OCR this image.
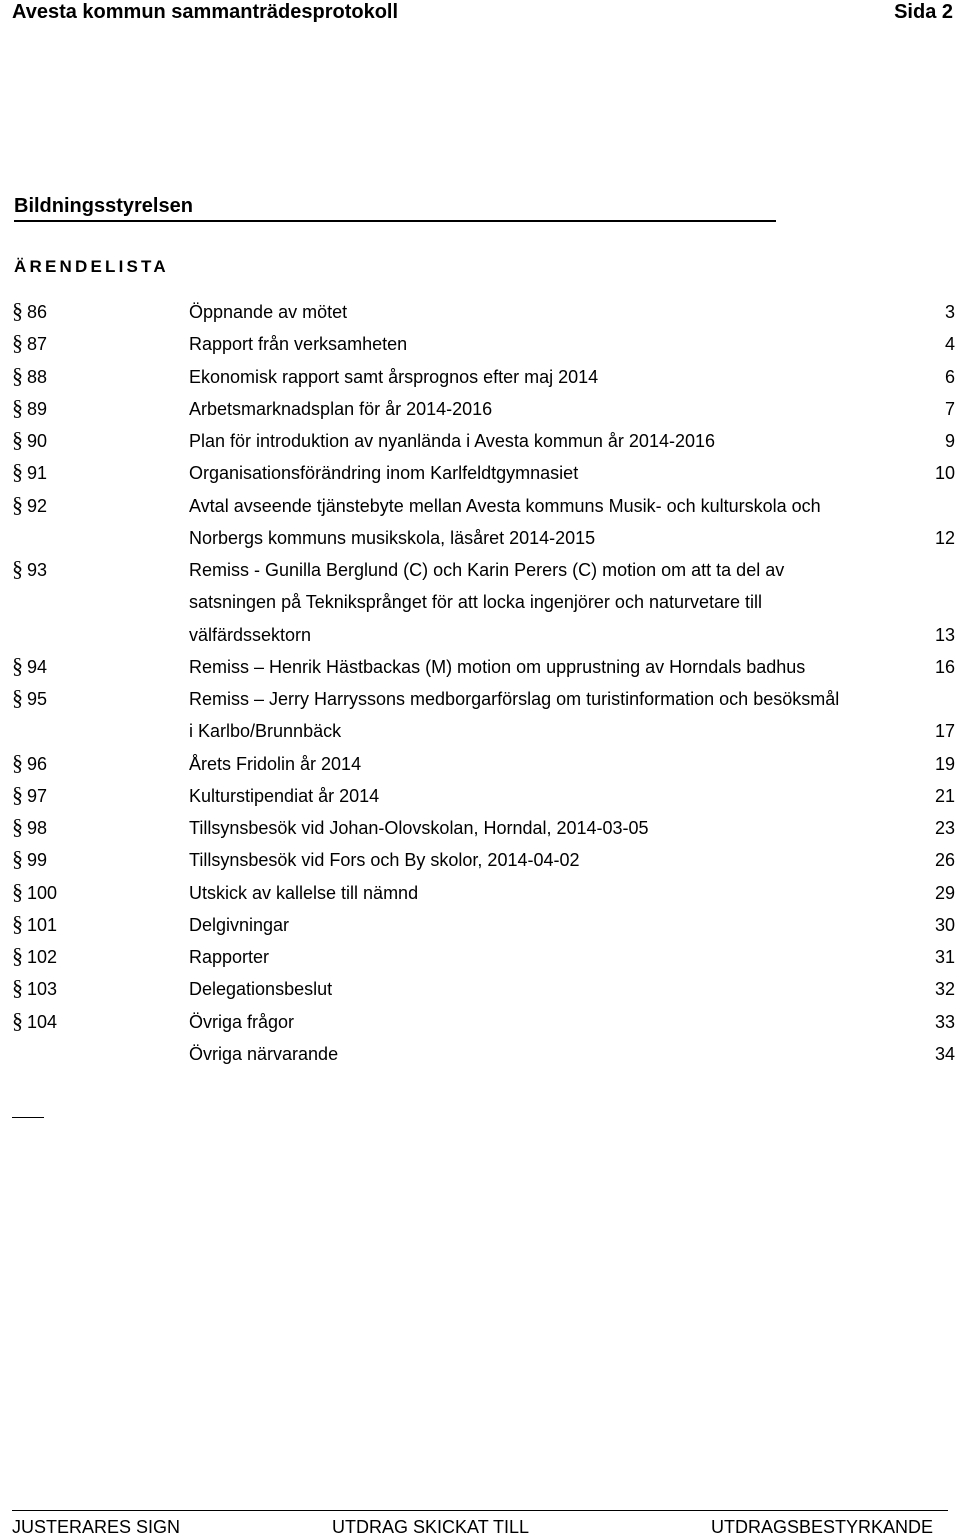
Avesta kommun sammanträdesprotokoll	Sida 2
Bildningsstyrelsen
ÄRENDELISTA
§ 86	Öppnande av mötet	3
§ 87	Rapport från verksamheten	4
§ 88	Ekonomisk rapport samt årsprognos efter maj 2014	6
§ 89	Arbetsmarknadsplan för år 2014-2016	7
§ 90	Plan för introduktion av nyanlända i Avesta kommun år 2014-2016	9
§ 91	Organisationsförändring inom Karlfeldtgymnasiet	10
§ 92	Avtal avseende tjänstebyte mellan Avesta kommuns Musik- och kulturskola och
Norbergs kommuns musikskola, läsåret 2014-2015	12
§ 93	Remiss - Gunilla Berglund (C) och Karin Perers (C) motion om att ta del av
satsningen på Tekniksprånget för att locka ingenjörer och naturvetare till
välfärdssektorn	13
§ 94	Remiss – Henrik Hästbackas (M) motion om upprustning av Horndals badhus	16
§ 95	Remiss – Jerry Harryssons medborgarförslag om turistinformation och besöksmål
i Karlbo/Brunnbäck	17
§ 96	Årets Fridolin år 2014	19
§ 97	Kulturstipendiat år 2014	21
§ 98	Tillsynsbesök vid Johan-Olovskolan, Horndal, 2014-03-05	23
§ 99	Tillsynsbesök vid Fors och By skolor, 2014-04-02	26
§ 100	Utskick av kallelse till nämnd	29
§ 101	Delgivningar	30
§ 102	Rapporter	31
§ 103	Delegationsbeslut	32
§ 104	Övriga frågor	33
Övriga närvarande	34
JUSTERARES SIGN	UTDRAG SKICKAT TILL	UTDRAGSBESTYRKANDE
